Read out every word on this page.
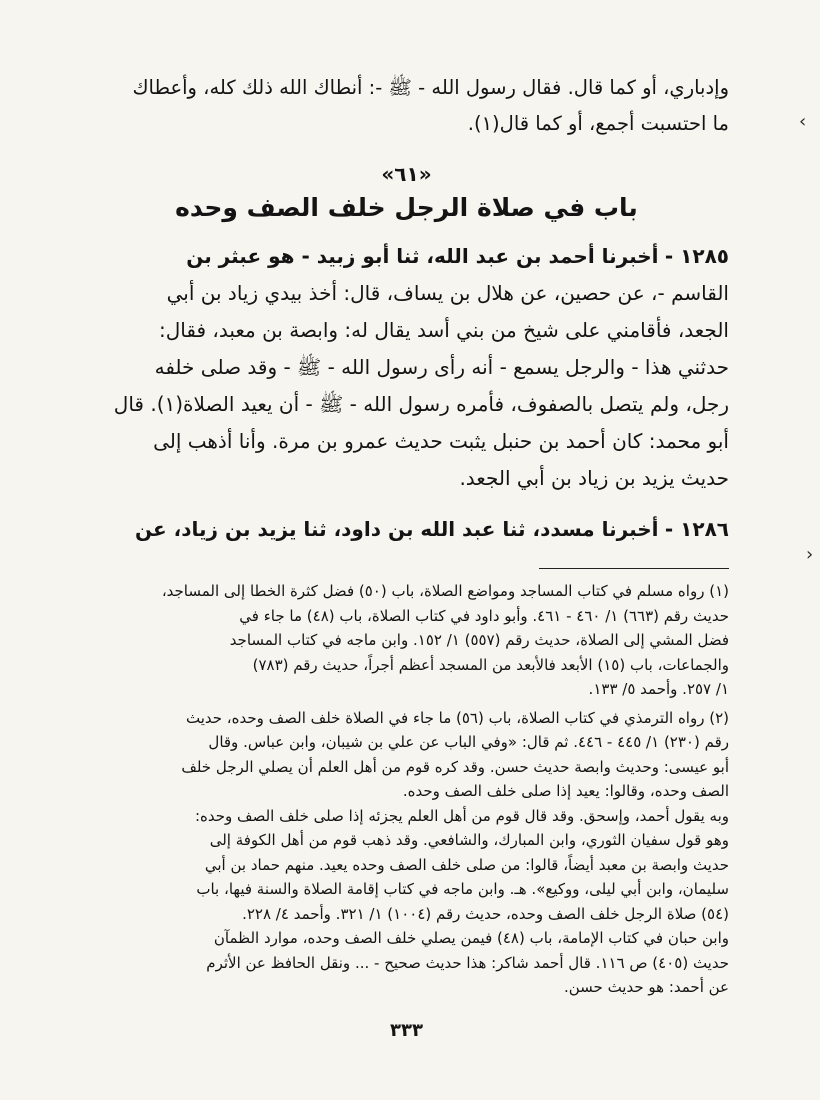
وإدباري، أو كما قال. فقال رسول الله - ﷺ -: أنطاك الله ذلك كله، وأعطاك
ما احتسبت أجمع، أو كما قال(١).
«٦١»
باب في صلاة الرجل خلف الصف وحده
١٢٨٥ - أخبرنا أحمد بن عبد الله، ثنا أبو زبيد - هو عبثر بن
القاسم -، عن حصين، عن هلال بن يساف، قال: أخذ بيدي زياد بن أبي
الجعد، فأقامني على شيخ من بني أسد يقال له: وابصة بن معبد، فقال:
حدثني هذا - والرجل يسمع - أنه رأى رسول الله - ﷺ - وقد صلى خلفه
رجل، ولم يتصل بالصفوف، فأمره رسول الله - ﷺ - أن يعيد الصلاة(١). قال
أبو محمد: كان أحمد بن حنبل يثبت حديث عمرو بن مرة. وأنا أذهب إلى
حديث يزيد بن زياد بن أبي الجعد.
١٢٨٦ - أخبرنا مسدد، ثنا عبد الله بن داود، ثنا يزيد بن زياد، عن
(١) رواه مسلم في كتاب المساجد ومواضع الصلاة، باب (٥٠) فضل كثرة الخطا إلى المساجد،
حديث رقم (٦٦٣) ١/ ٤٦٠ - ٤٦١. وأبو داود في كتاب الصلاة، باب (٤٨) ما جاء في
فضل المشي إلى الصلاة، حديث رقم (٥٥٧) ١/ ١٥٢. وابن ماجه في كتاب المساجد
والجماعات، باب (١٥) الأبعد فالأبعد من المسجد أعظم أجراً، حديث رقم (٧٨٣)
١/ ٢٥٧. وأحمد ٥/ ١٣٣.
(٢) رواه الترمذي في كتاب الصلاة، باب (٥٦) ما جاء في الصلاة خلف الصف وحده، حديث
رقم (٢٣٠) ١/ ٤٤٥ - ٤٤٦. ثم قال: «وفي الباب عن علي بن شيبان، وابن عباس. وقال
أبو عيسى: وحديث وابصة حديث حسن. وقد كره قوم من أهل العلم أن يصلي الرجل خلف
الصف وحده، وقالوا: يعيد إذا صلى خلف الصف وحده.
وبه يقول أحمد، وإسحق. وقد قال قوم من أهل العلم يجزئه إذا صلى خلف الصف وحده:
وهو قول سفيان الثوري، وابن المبارك، والشافعي. وقد ذهب قوم من أهل الكوفة إلى
حديث وابصة بن معبد أيضاً، قالوا: من صلى خلف الصف وحده يعيد. منهم حماد بن أبي
سليمان، وابن أبي ليلى، ووكيع». هـ. وابن ماجه في كتاب إقامة الصلاة والسنة فيها، باب
(٥٤) صلاة الرجل خلف الصف وحده، حديث رقم (١٠٠٤) ١/ ٣٢١. وأحمد ٤/ ٢٢٨.
وابن حبان في كتاب الإمامة، باب (٤٨) فيمن يصلي خلف الصف وحده، موارد الظمآن
حديث (٤٠٥) ص ١١٦. قال أحمد شاكر: هذا حديث صحيح - ... ونقل الحافظ عن الأثرم
عن أحمد: هو حديث حسن.
٣٣٣
›
‹
